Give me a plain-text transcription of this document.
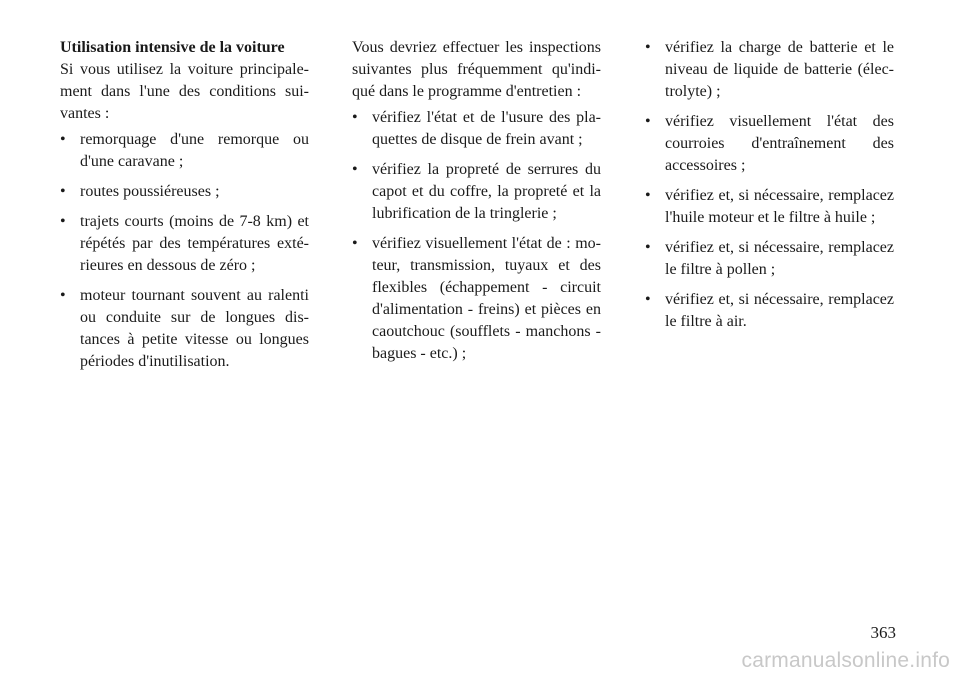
Utilisation intensive de la voiture

Si vous utilisez la voiture principale-ment dans l'une des conditions sui-vantes :

• remorquage d'une remorque ou d'une caravane ;
• routes poussiéreuses ;
• trajets courts (moins de 7-8 km) et répétés par des températures exté-rieures en dessous de zéro ;
• moteur tournant souvent au ralenti ou conduite sur de longues dis-tances à petite vitesse ou longues périodes d'inutilisation.

Vous devriez effectuer les inspections suivantes plus fréquemment qu'indi-qué dans le programme d'entretien :

• vérifiez l'état et de l'usure des pla-quettes de disque de frein avant ;
• vérifiez la propreté de serrures du capot et du coffre, la propreté et la lubrification de la tringlerie ;
• vérifiez visuellement l'état de : mo-teur, transmission, tuyaux et des flexibles (échappement - circuit d'alimentation - freins) et pièces en caoutchouc (soufflets - manchons - bagues - etc.) ;
• vérifiez la charge de batterie et le niveau de liquide de batterie (élec-trolyte) ;
• vérifiez visuellement l'état des courroies d'entraînement des accessoires ;
• vérifiez et, si nécessaire, remplacez l'huile moteur et le filtre à huile ;
• vérifiez et, si nécessaire, remplacez le filtre à pollen ;
• vérifiez et, si nécessaire, remplacez le filtre à air.
363
carmanualsonline.info
